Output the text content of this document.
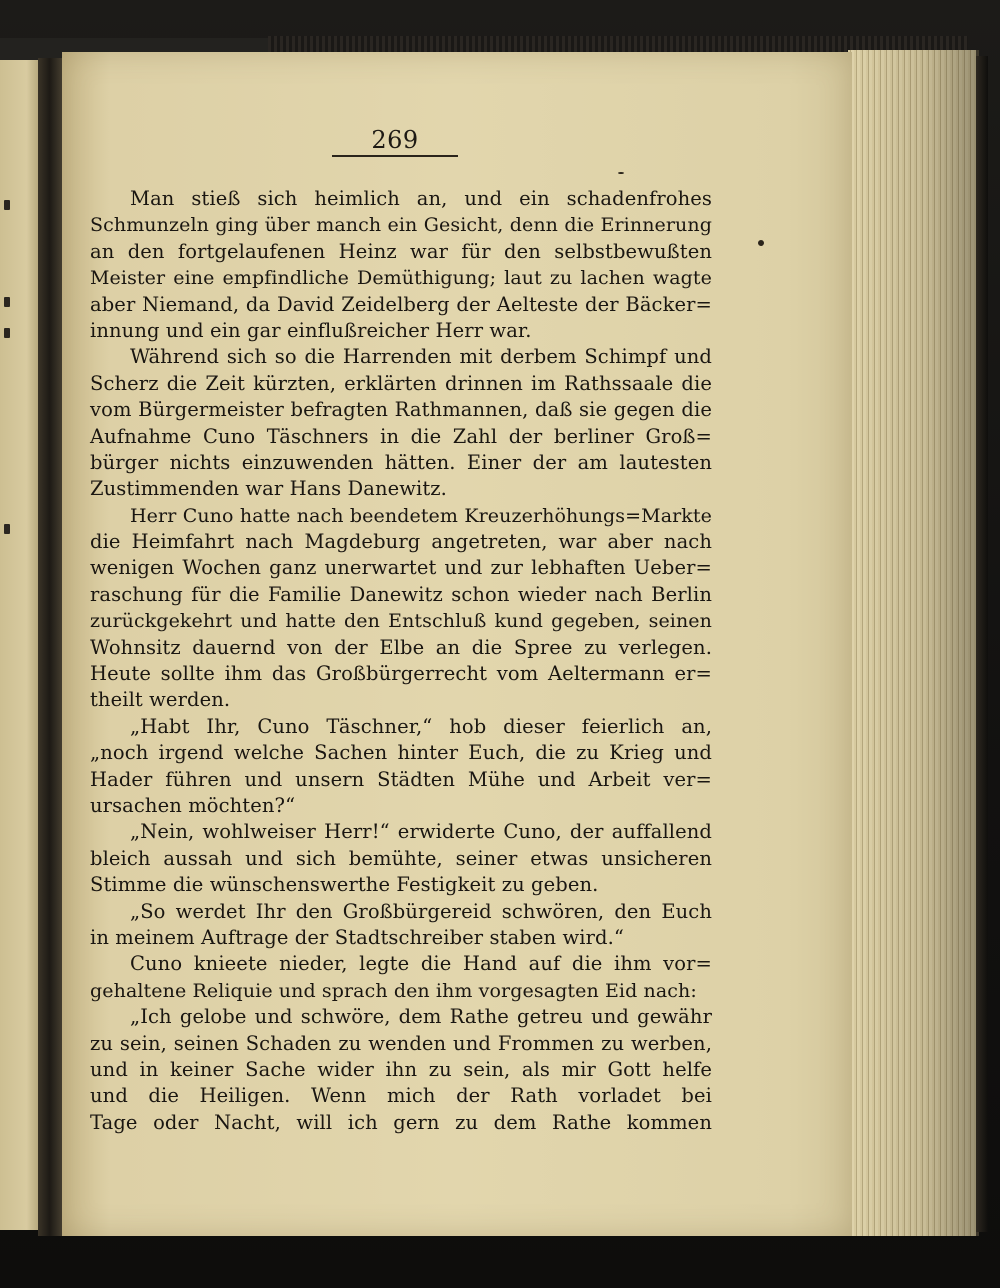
269
Man stieß sich heimlich an, und ein schadenfrohes
Schmunzeln ging über manch ein Gesicht, denn die Erinnerung
an den fortgelaufenen Heinz war für den selbstbewußten
Meister eine empfindliche Demüthigung; laut zu lachen wagte
aber Niemand, da David Zeidelberg der Aelteste der Bäcker=
innung und ein gar einflußreicher Herr war.
Während sich so die Harrenden mit derbem Schimpf und
Scherz die Zeit kürzten, erklärten drinnen im Rathssaale die
vom Bürgermeister befragten Rathmannen, daß sie gegen die
Aufnahme Cuno Täschners in die Zahl der berliner Groß=
bürger nichts einzuwenden hätten. Einer der am lautesten
Zustimmenden war Hans Danewitz.
Herr Cuno hatte nach beendetem Kreuzerhöhungs=Markte
die Heimfahrt nach Magdeburg angetreten, war aber nach
wenigen Wochen ganz unerwartet und zur lebhaften Ueber=
raschung für die Familie Danewitz schon wieder nach Berlin
zurückgekehrt und hatte den Entschluß kund gegeben, seinen
Wohnsitz dauernd von der Elbe an die Spree zu verlegen.
Heute sollte ihm das Großbürgerrecht vom Aeltermann er=
theilt werden.
„Habt Ihr, Cuno Täschner,“ hob dieser feierlich an,
„noch irgend welche Sachen hinter Euch, die zu Krieg und
Hader führen und unsern Städten Mühe und Arbeit ver=
ursachen möchten?“
„Nein, wohlweiser Herr!“ erwiderte Cuno, der auffallend
bleich aussah und sich bemühte, seiner etwas unsicheren
Stimme die wünschenswerthe Festigkeit zu geben.
„So werdet Ihr den Großbürgereid schwören, den Euch
in meinem Auftrage der Stadtschreiber staben wird.“
Cuno knieete nieder, legte die Hand auf die ihm vor=
gehaltene Reliquie und sprach den ihm vorgesagten Eid nach:
„Ich gelobe und schwöre, dem Rathe getreu und gewähr
zu sein, seinen Schaden zu wenden und Frommen zu werben,
und in keiner Sache wider ihn zu sein, als mir Gott helfe
und die Heiligen. Wenn mich der Rath vorladet bei
Tage oder Nacht, will ich gern zu dem Rathe kommen
